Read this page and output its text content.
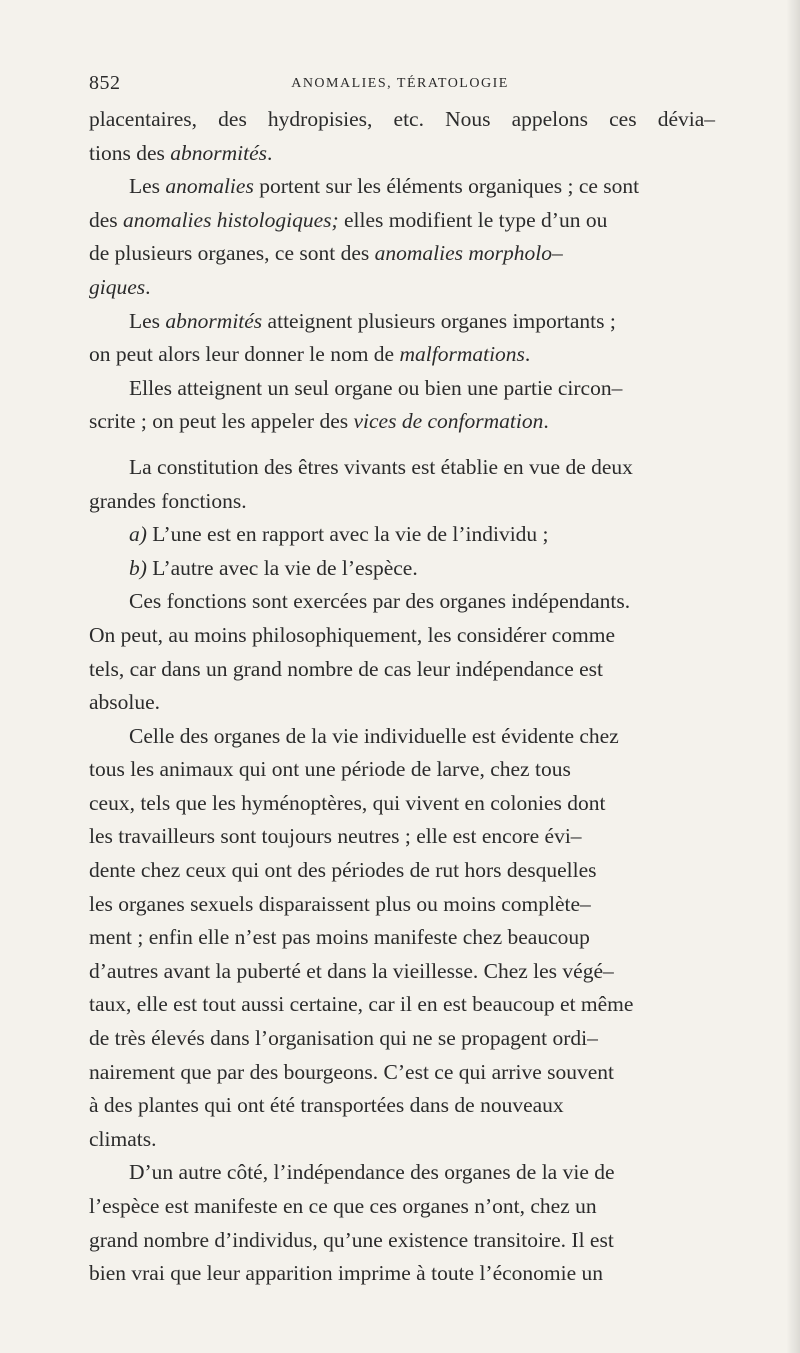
852	ANOMALIES, TÉRATOLOGIE
placentaires, des hydropisies, etc. Nous appelons ces dévia–
tions des abnormités.
Les anomalies portent sur les éléments organiques ; ce sont
des anomalies histologiques; elles modifient le type d’un ou
de plusieurs organes, ce sont des anomalies morpholo–
giques.
Les abnormités atteignent plusieurs organes importants ;
on peut alors leur donner le nom de malformations.
Elles atteignent un seul organe ou bien une partie circon–
scrite ; on peut les appeler des vices de conformation.
La constitution des êtres vivants est établie en vue de deux
grandes fonctions.
a) L’une est en rapport avec la vie de l’individu ;
b) L’autre avec la vie de l’espèce.
Ces fonctions sont exercées par des organes indépendants.
On peut, au moins philosophiquement, les considérer comme
tels, car dans un grand nombre de cas leur indépendance est
absolue.
Celle des organes de la vie individuelle est évidente chez
tous les animaux qui ont une période de larve, chez tous
ceux, tels que les hyménoptères, qui vivent en colonies dont
les travailleurs sont toujours neutres ; elle est encore évi–
dente chez ceux qui ont des périodes de rut hors desquelles
les organes sexuels disparaissent plus ou moins complète–
ment ; enfin elle n’est pas moins manifeste chez beaucoup
d’autres avant la puberté et dans la vieillesse. Chez les végé–
taux, elle est tout aussi certaine, car il en est beaucoup et même
de très élevés dans l’organisation qui ne se propagent ordi–
nairement que par des bourgeons. C’est ce qui arrive souvent
à des plantes qui ont été transportées dans de nouveaux
climats.
D’un autre côté, l’indépendance des organes de la vie de
l’espèce est manifeste en ce que ces organes n’ont, chez un
grand nombre d’individus, qu’une existence transitoire. Il est
bien vrai que leur apparition imprime à toute l’économie un
